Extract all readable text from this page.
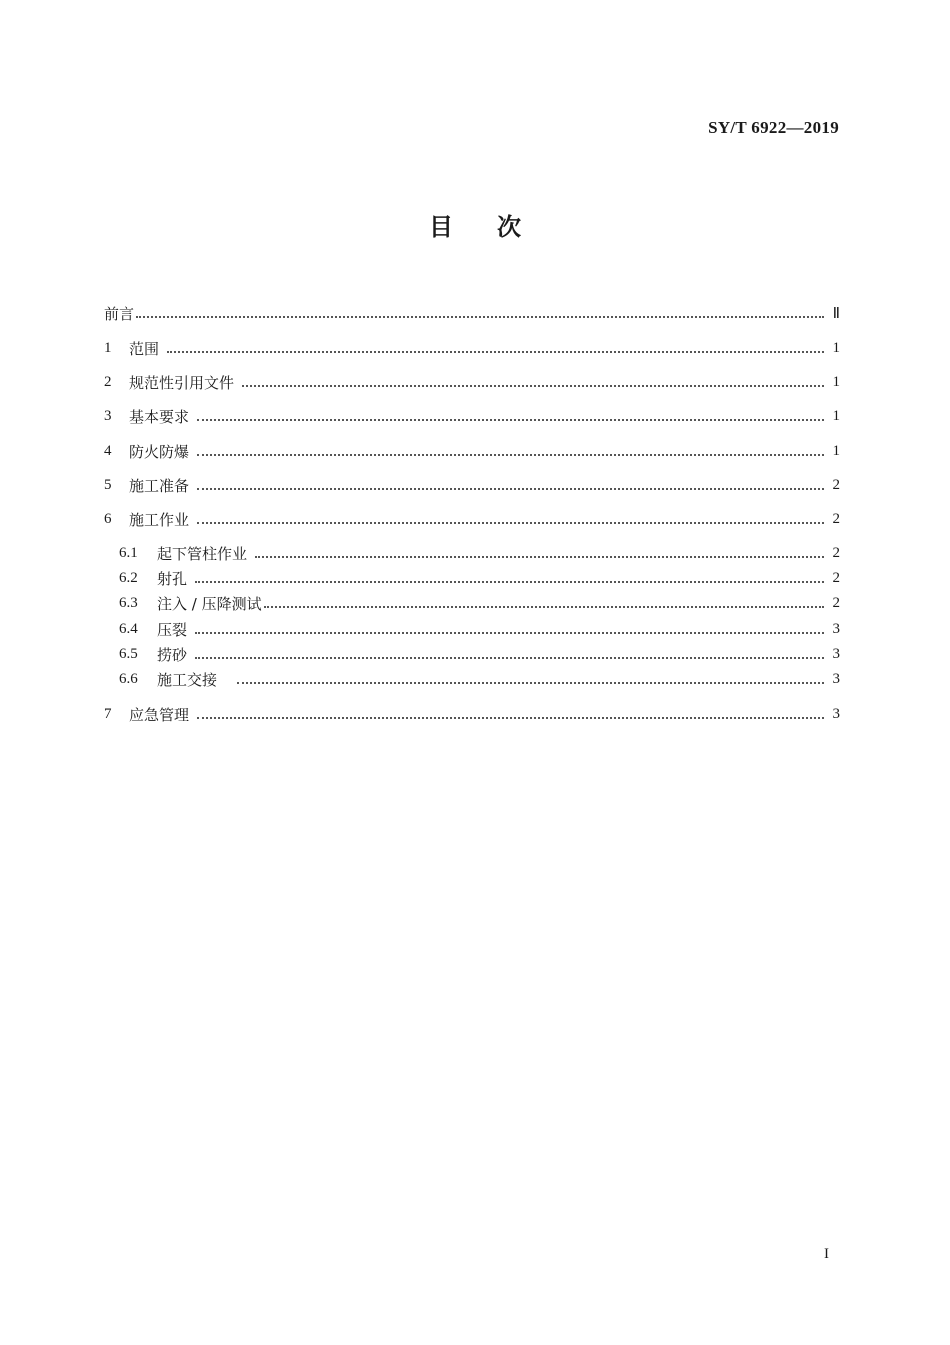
SY/T 6922—2019
目 次
前言	Ⅱ
1	范围	1
2	规范性引用文件	1
3	基本要求	1
4	防火防爆	1
5	施工准备	2
6	施工作业	2
6.1	起下管柱作业	2
6.2	射孔	2
6.3	注入 / 压降测试	2
6.4	压裂	3
6.5	捞砂	3
6.6	施工交接	3
7	应急管理	3
I
